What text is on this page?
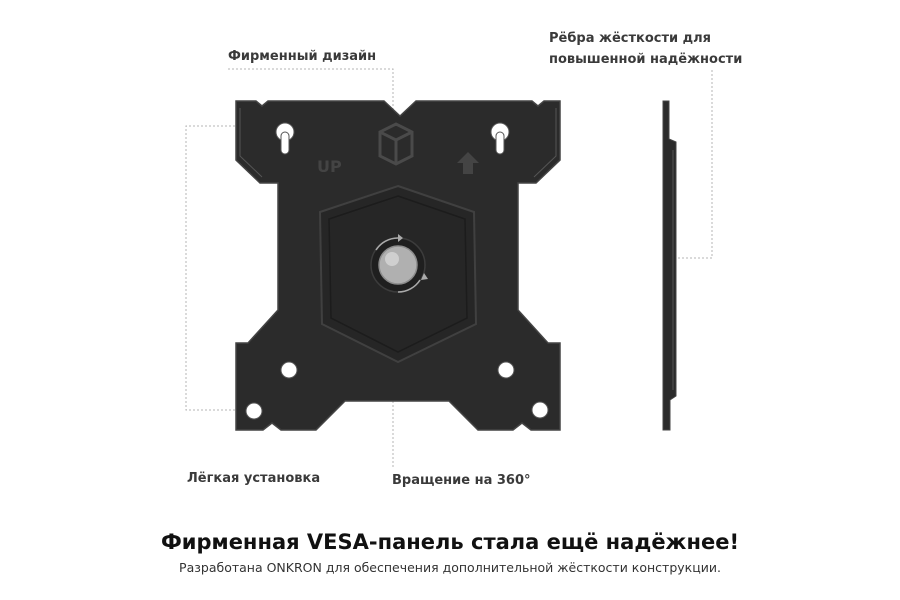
UP
Фирменный дизайн
Рёбра жёсткости для
повышенной надёжности
Лёгкая установка	Вращение на 360°
Фирменная VESA-панель стала ещё надёжнее!
Разработана ONKRON для обеспечения дополнительной жёсткости конструкции.
